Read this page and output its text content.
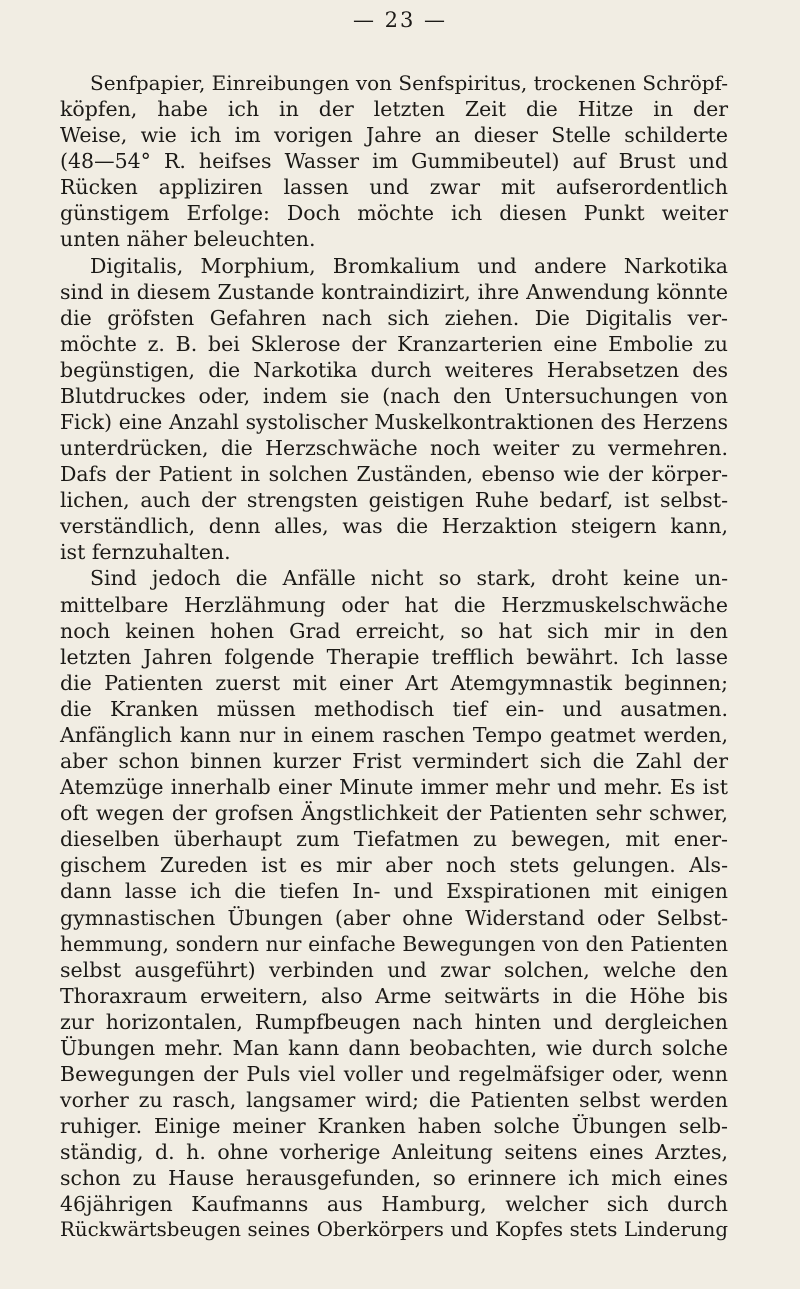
— 23 —
Senfpapier, Einreibungen von Senfspiritus, trockenen Schröpf-
köpfen, habe ich in der letzten Zeit die Hitze in der
Weise, wie ich im vorigen Jahre an dieser Stelle schilderte
(48—54° R. heifses Wasser im Gummibeutel) auf Brust und
Rücken appliziren lassen und zwar mit aufserordentlich
günstigem Erfolge: Doch möchte ich diesen Punkt weiter
unten näher beleuchten.
Digitalis, Morphium, Bromkalium und andere Narkotika
sind in diesem Zustande kontraindizirt, ihre Anwendung könnte
die gröfsten Gefahren nach sich ziehen. Die Digitalis ver-
möchte z. B. bei Sklerose der Kranzarterien eine Embolie zu
begünstigen, die Narkotika durch weiteres Herabsetzen des
Blutdruckes oder, indem sie (nach den Untersuchungen von
Fick) eine Anzahl systolischer Muskelkontraktionen des Herzens
unterdrücken, die Herzschwäche noch weiter zu vermehren.
Dafs der Patient in solchen Zuständen, ebenso wie der körper-
lichen, auch der strengsten geistigen Ruhe bedarf, ist selbst-
verständlich, denn alles, was die Herzaktion steigern kann,
ist fernzuhalten.
Sind jedoch die Anfälle nicht so stark, droht keine un-
mittelbare Herzlähmung oder hat die Herzmuskelschwäche
noch keinen hohen Grad erreicht, so hat sich mir in den
letzten Jahren folgende Therapie trefflich bewährt. Ich lasse
die Patienten zuerst mit einer Art Atemgymnastik beginnen;
die Kranken müssen methodisch tief ein- und ausatmen.
Anfänglich kann nur in einem raschen Tempo geatmet werden,
aber schon binnen kurzer Frist vermindert sich die Zahl der
Atemzüge innerhalb einer Minute immer mehr und mehr. Es ist
oft wegen der grofsen Ängstlichkeit der Patienten sehr schwer,
dieselben überhaupt zum Tiefatmen zu bewegen, mit ener-
gischem Zureden ist es mir aber noch stets gelungen. Als-
dann lasse ich die tiefen In- und Exspirationen mit einigen
gymnastischen Übungen (aber ohne Widerstand oder Selbst-
hemmung, sondern nur einfache Bewegungen von den Patienten
selbst ausgeführt) verbinden und zwar solchen, welche den
Thoraxraum erweitern, also Arme seitwärts in die Höhe bis
zur horizontalen, Rumpfbeugen nach hinten und dergleichen
Übungen mehr. Man kann dann beobachten, wie durch solche
Bewegungen der Puls viel voller und regelmäfsiger oder, wenn
vorher zu rasch, langsamer wird; die Patienten selbst werden
ruhiger. Einige meiner Kranken haben solche Übungen selb-
ständig, d. h. ohne vorherige Anleitung seitens eines Arztes,
schon zu Hause herausgefunden, so erinnere ich mich eines
46jährigen Kaufmanns aus Hamburg, welcher sich durch
Rückwärtsbeugen seines Oberkörpers und Kopfes stets Linderung
